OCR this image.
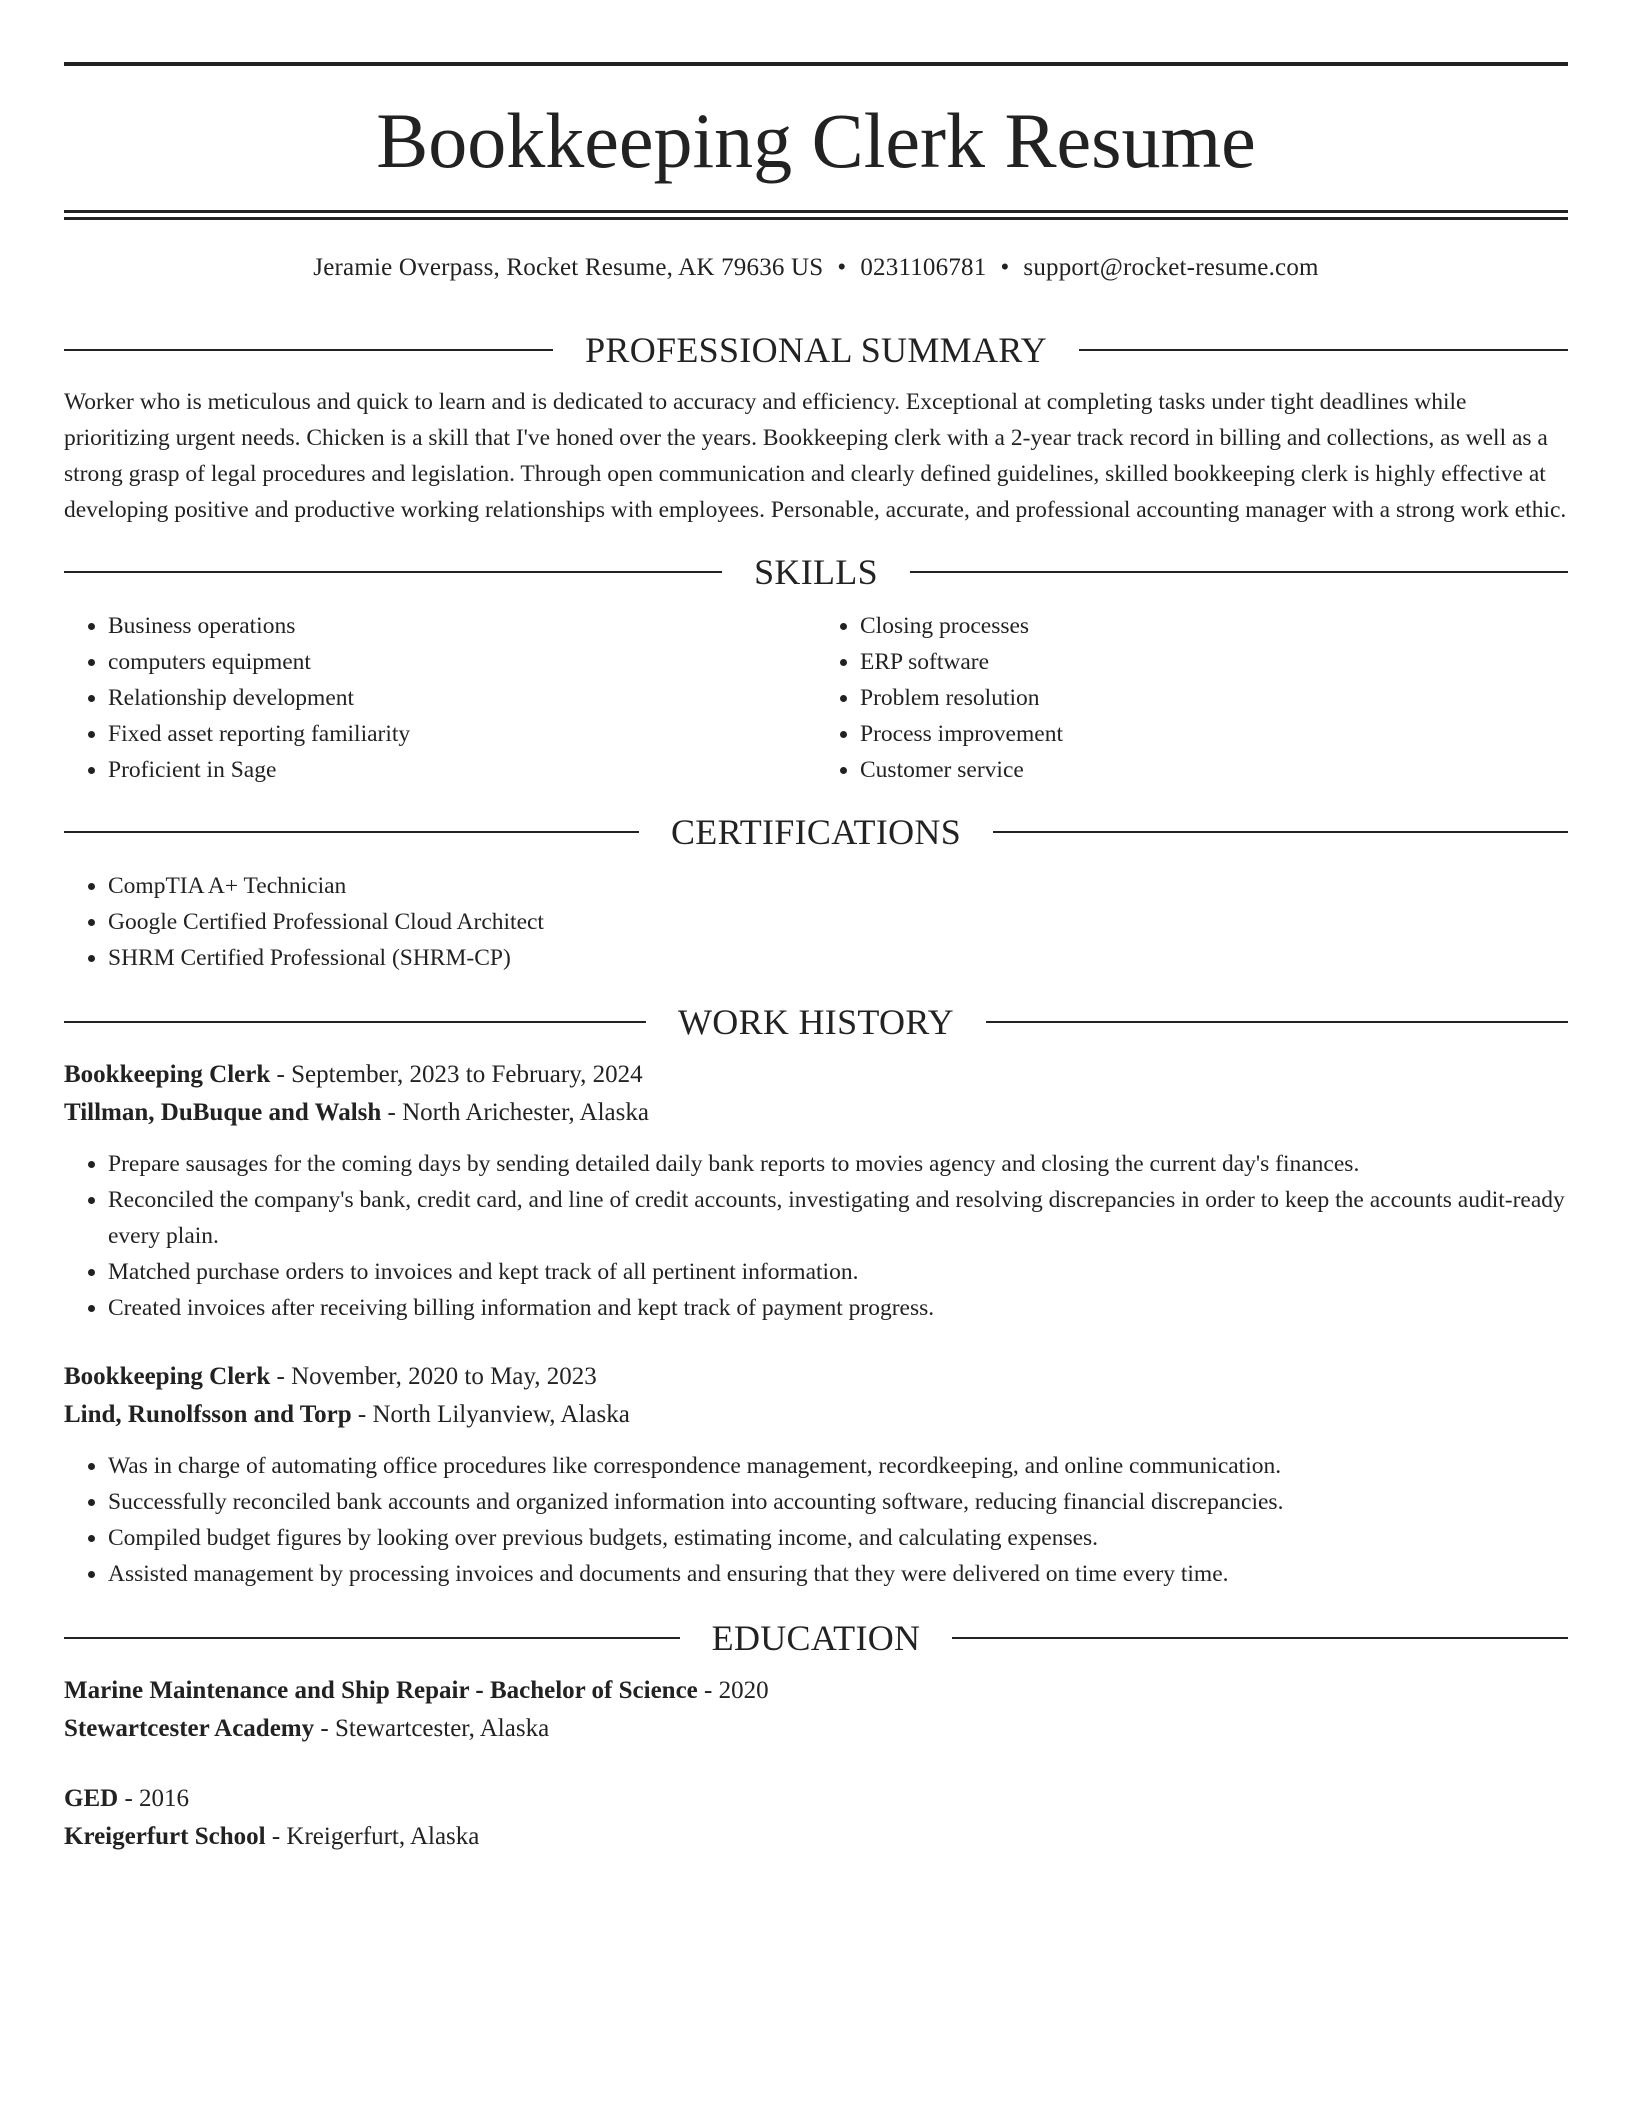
Bookkeeping Clerk Resume
Jeramie Overpass, Rocket Resume, AK 79636 US • 0231106781 • support@rocket-resume.com
PROFESSIONAL SUMMARY

Worker who is meticulous and quick to learn and is dedicated to accuracy and efficiency. Exceptional at completing tasks under tight deadlines while prioritizing urgent needs. Chicken is a skill that I've honed over the years. Bookkeeping clerk with a 2-year track record in billing and collections, as well as a strong grasp of legal procedures and legislation. Through open communication and clearly defined guidelines, skilled bookkeeping clerk is highly effective at developing positive and productive working relationships with employees. Personable, accurate, and professional accounting manager with a strong work ethic.

SKILLS
• Business operations
• computers equipment
• Relationship development
• Fixed asset reporting familiarity
• Proficient in Sage
• Closing processes
• ERP software
• Problem resolution
• Process improvement
• Customer service
CERTIFICATIONS
• CompTIA A+ Technician
• Google Certified Professional Cloud Architect
• SHRM Certified Professional (SHRM-CP)
WORK HISTORY
Bookkeeping Clerk - September, 2023 to February, 2024
Tillman, DuBuque and Walsh - North Arichester, Alaska
• Prepare sausages for the coming days by sending detailed daily bank reports to movies agency and closing the current day's finances.
• Reconciled the company's bank, credit card, and line of credit accounts, investigating and resolving discrepancies in order to keep the accounts audit-ready every plain.
• Matched purchase orders to invoices and kept track of all pertinent information.
• Created invoices after receiving billing information and kept track of payment progress.
Bookkeeping Clerk - November, 2020 to May, 2023
Lind, Runolfsson and Torp - North Lilyanview, Alaska
• Was in charge of automating office procedures like correspondence management, recordkeeping, and online communication.
• Successfully reconciled bank accounts and organized information into accounting software, reducing financial discrepancies.
• Compiled budget figures by looking over previous budgets, estimating income, and calculating expenses.
• Assisted management by processing invoices and documents and ensuring that they were delivered on time every time.
EDUCATION
Marine Maintenance and Ship Repair - Bachelor of Science - 2020
Stewartcester Academy - Stewartcester, Alaska
GED - 2016
Kreigerfurt School - Kreigerfurt, Alaska
